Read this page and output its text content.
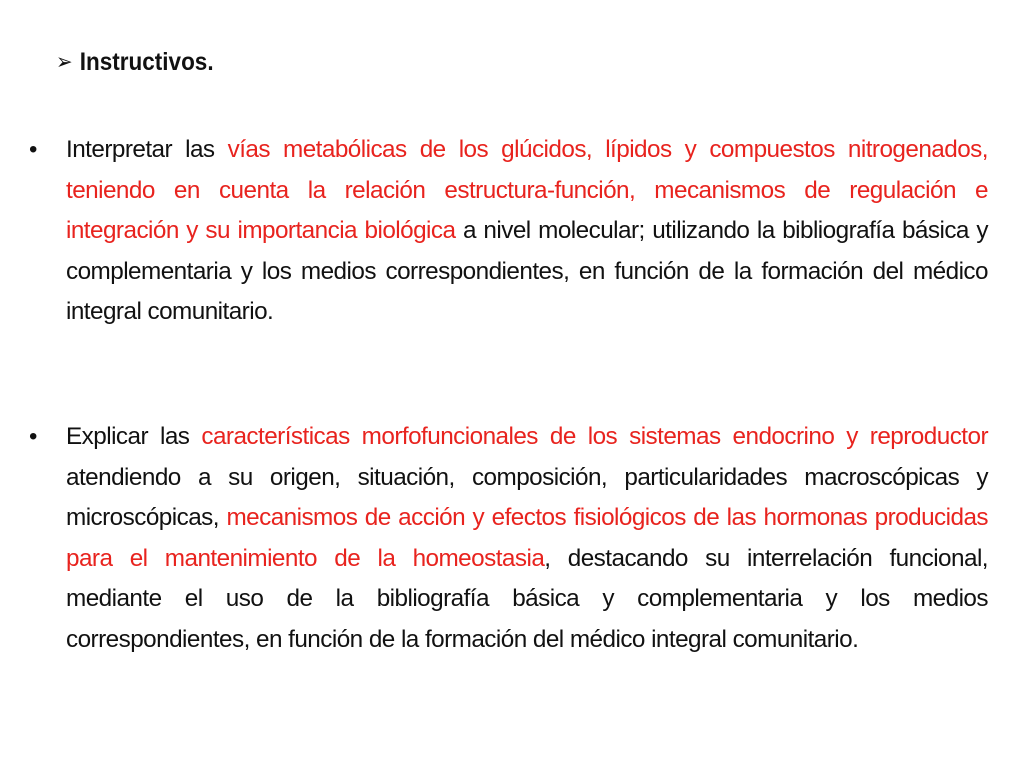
➢ Instructivos.
• Interpretar las vías metabólicas de los glúcidos, lípidos y compuestos nitrogenados, teniendo en cuenta la relación estructura-función, mecanismos de regulación e integración y su importancia biológica a nivel molecular; utilizando la bibliografía básica y complementaria y los medios correspondientes, en función de la formación del médico integral comunitario.
• Explicar las características morfofuncionales de los sistemas endocrino y reproductor atendiendo a su origen, situación, composición, particularidades macroscópicas y microscópicas, mecanismos de acción y efectos fisiológicos de las hormonas producidas para el mantenimiento de la homeostasia, destacando su interrelación funcional, mediante el uso de la bibliografía básica y complementaria y los medios correspondientes, en función de la formación del médico integral comunitario.
